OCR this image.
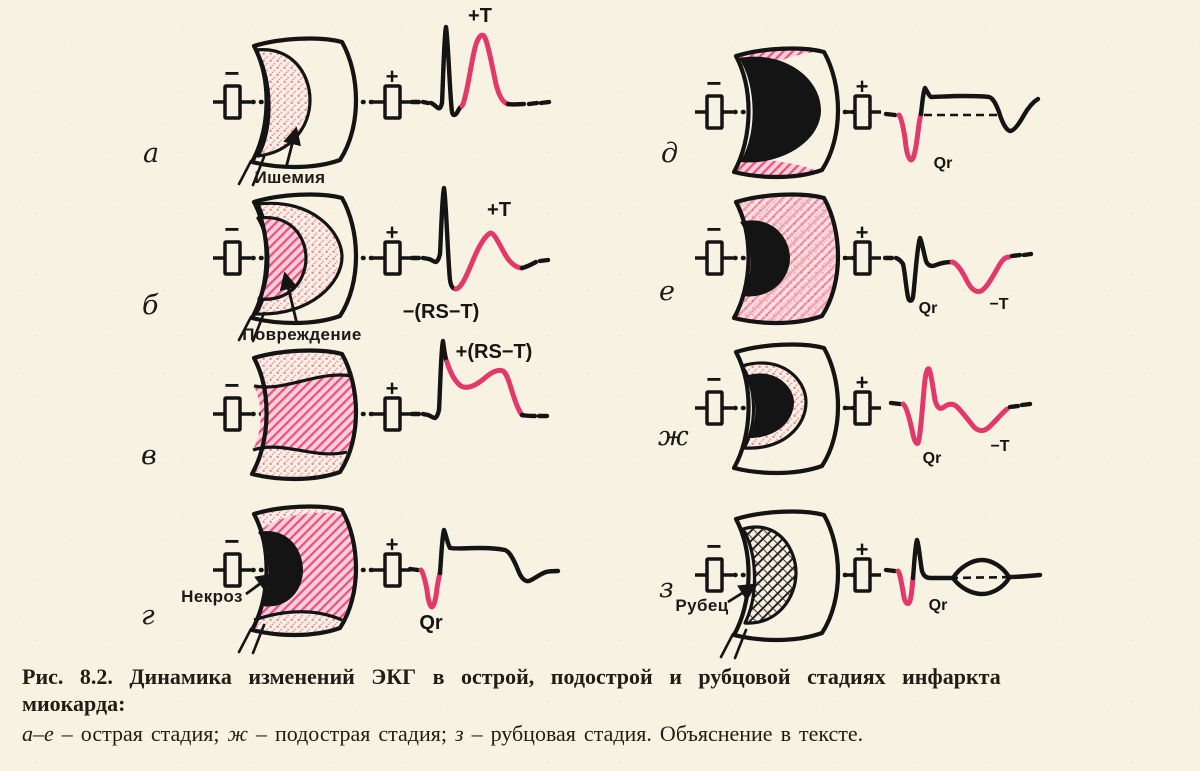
−	+
+T
Ишемия
а
−	+
+T
−(RS−T)
Повреждение
б
−	+
+(RS−T)
в
−	+
Qr
Некроз
г
−	+
Qr
д
−	+
Qr	−T
е
−	+
Qr
−T
ж
−	+
Qr
Рубец
з

Рис. 8.2. Динамика изменений ЭКГ в острой, подострой и рубцовой стадиях инфаркта
миокарда:

а–е – острая стадия; ж – подострая стадия; з – рубцовая стадия. Объяснение в тексте.
